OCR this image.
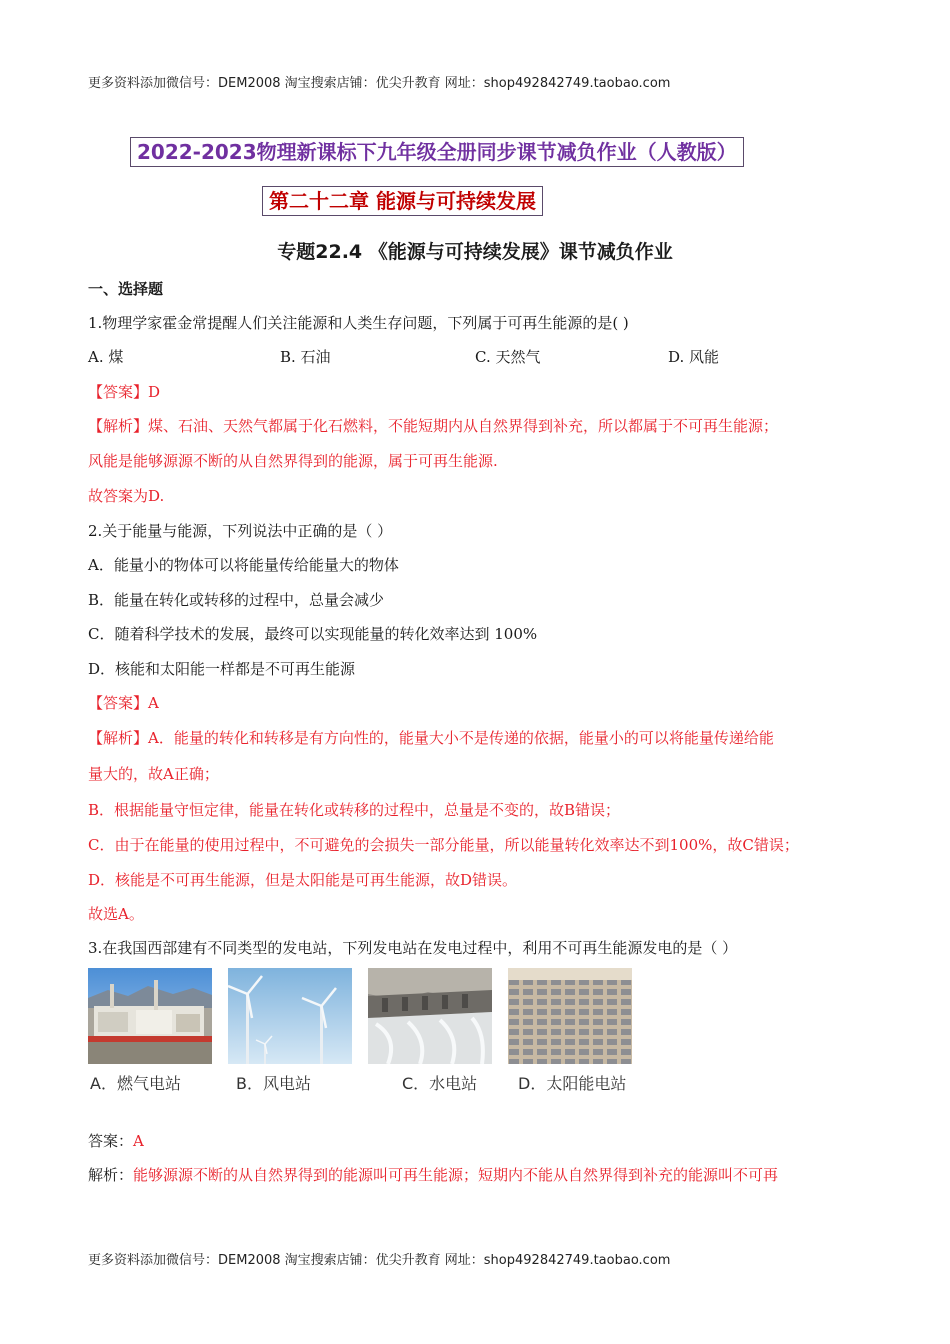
更多资料添加微信号：DEM2008 淘宝搜索店铺：优尖升教育 网址：shop492842749.taobao.com
2022-2023物理新课标下九年级全册同步课节减负作业（人教版）
第二十二章 能源与可持续发展
专题22.4 《能源与可持续发展》课节减负作业
一、选择题
1.物理学家霍金常提醒人们关注能源和人类生存问题，下列属于可再生能源的是( )
A. 煤	B. 石油	C. 天然气	D. 风能
【答案】D
【解析】煤、石油、天然气都属于化石燃料，不能短期内从自然界得到补充，所以都属于不可再生能源；
风能是能够源源不断的从自然界得到的能源，属于可再生能源.
故答案为D.
2.关于能量与能源，下列说法中正确的是（ ）
A．能量小的物体可以将能量传给能量大的物体
B．能量在转化或转移的过程中，总量会减少
C．随着科学技术的发展，最终可以实现能量的转化效率达到 100%
D．核能和太阳能一样都是不可再生能源
【答案】A
【解析】A．能量的转化和转移是有方向性的，能量大小不是传递的依据，能量小的可以将能量传递给能
量大的，故A正确；
B．根据能量守恒定律，能量在转化或转移的过程中，总量是不变的，故B错误；
C．由于在能量的使用过程中，不可避免的会损失一部分能量，所以能量转化效率达不到100%，故C错误；
D．核能是不可再生能源，但是太阳能是可再生能源，故D错误。
故选A。
3.在我国西部建有不同类型的发电站，下列发电站在发电过程中，利用不可再生能源发电的是（ ）
A．燃气电站	B．风电站	C．水电站	D．太阳能电站
答案：A
解析：能够源源不断的从自然界得到的能源叫可再生能源；短期内不能从自然界得到补充的能源叫不可再
更多资料添加微信号：DEM2008 淘宝搜索店铺：优尖升教育 网址：shop492842749.taobao.com
